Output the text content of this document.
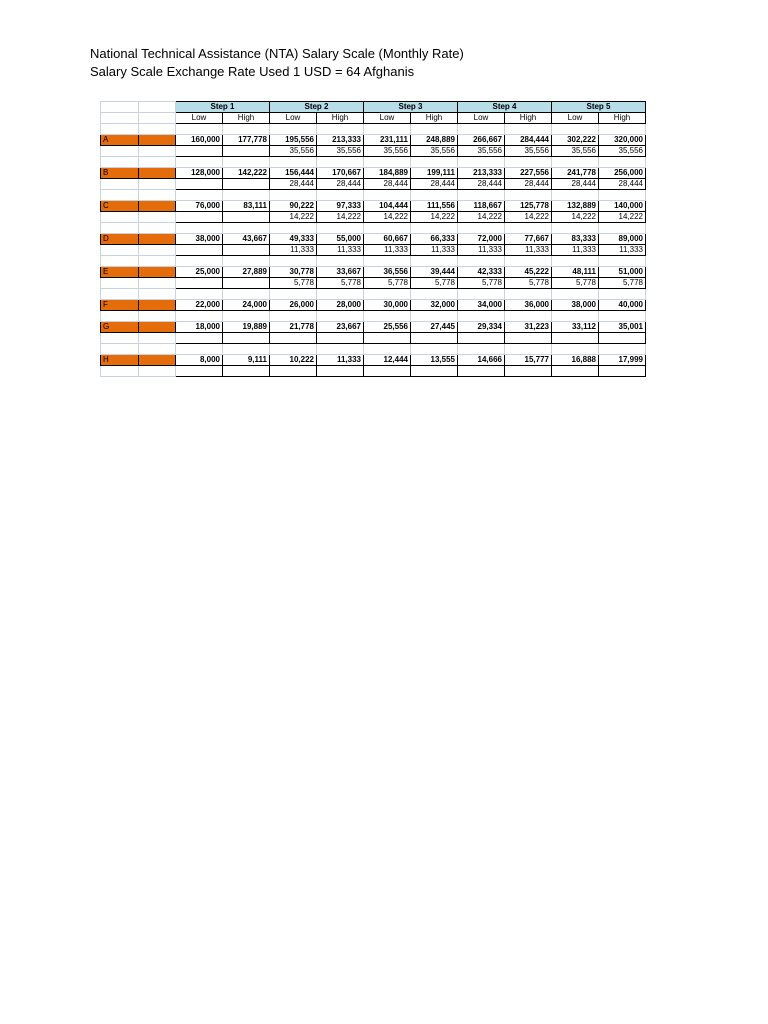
National Technical Assistance (NTA) Salary Scale (Monthly Rate)
Salary Scale Exchange Rate Used 1 USD = 64 Afghanis
		Step 1		Step 2		Step 3		Step 4		Step 5	
		Low	High	Low	High	Low	High	Low	High	Low	High

A		160,000	177,778	195,556	213,333	231,111	248,889	266,667	284,444	302,222	320,000
				35,556	35,556	35,556	35,556	35,556	35,556	35,556	35,556

B		128,000	142,222	156,444	170,667	184,889	199,111	213,333	227,556	241,778	256,000
				28,444	28,444	28,444	28,444	28,444	28,444	28,444	28,444

C		76,000	83,111	90,222	97,333	104,444	111,556	118,667	125,778	132,889	140,000
				14,222	14,222	14,222	14,222	14,222	14,222	14,222	14,222

D		38,000	43,667	49,333	55,000	60,667	66,333	72,000	77,667	83,333	89,000
				11,333	11,333	11,333	11,333	11,333	11,333	11,333	11,333

E		25,000	27,889	30,778	33,667	36,556	39,444	42,333	45,222	48,111	51,000
				5,778	5,778	5,778	5,778	5,778	5,778	5,778	5,778

F		22,000	24,000	26,000	28,000	30,000	32,000	34,000	36,000	38,000	40,000

G		18,000	19,889	21,778	23,667	25,556	27,445	29,334	31,223	33,112	35,001

H		8,000	9,111	10,222	11,333	12,444	13,555	14,666	15,777	16,888	17,999
